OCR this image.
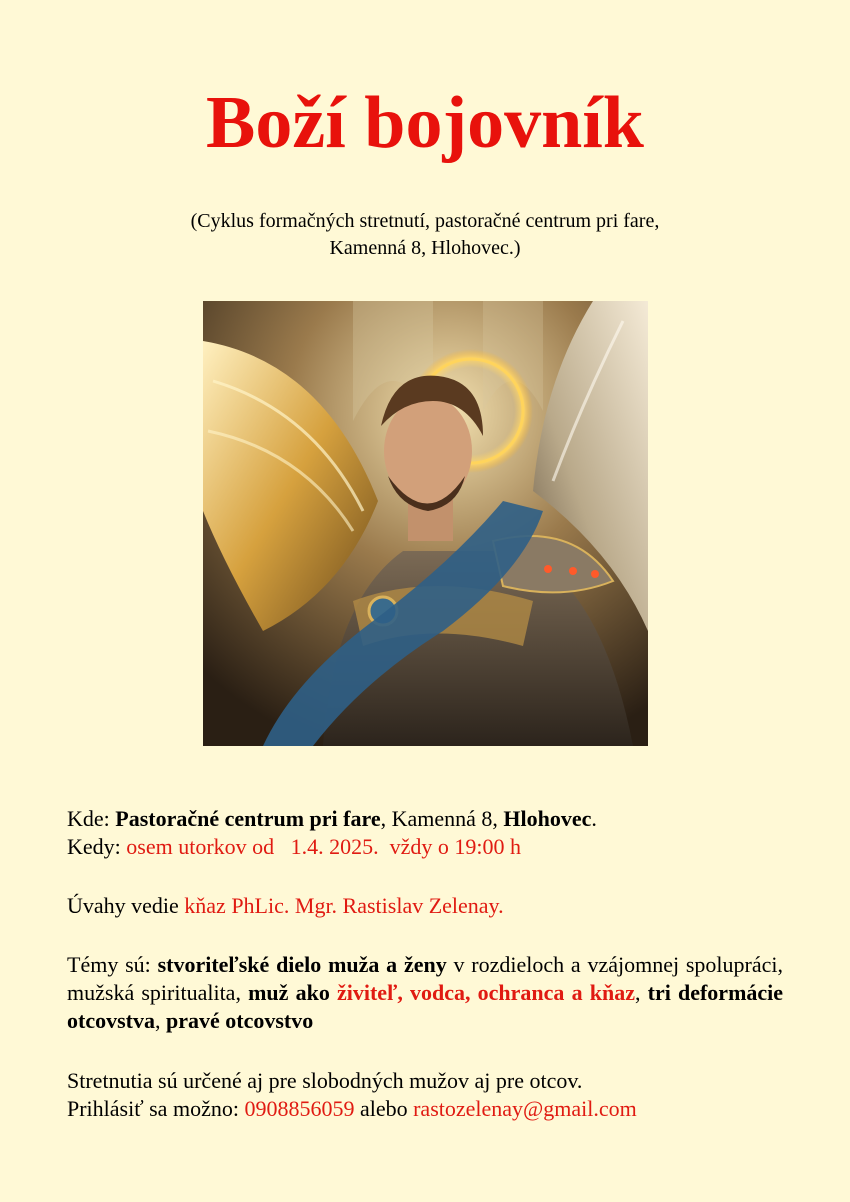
Boží bojovník
(Cyklus formačných stretnutí, pastoračné centrum pri fare,
Kamenná 8, Hlohovec.)
Kde: Pastoračné centrum pri fare, Kamenná 8, Hlohovec.
Kedy: osem utorkov od   1.4. 2025.  vždy o 19:00 h
Úvahy vedie kňaz PhLic. Mgr. Rastislav Zelenay.
Témy sú: stvoriteľské dielo muža a ženy v rozdieloch a vzájomnej spolupráci, mužská spiritualita, muž ako živiteľ, vodca, ochranca a kňaz, tri deformácie otcovstva, pravé otcovstvo
Stretnutia sú určené aj pre slobodných mužov aj pre otcov.
Prihlásiť sa možno: 0908856059 alebo rastozelenay@gmail.com
